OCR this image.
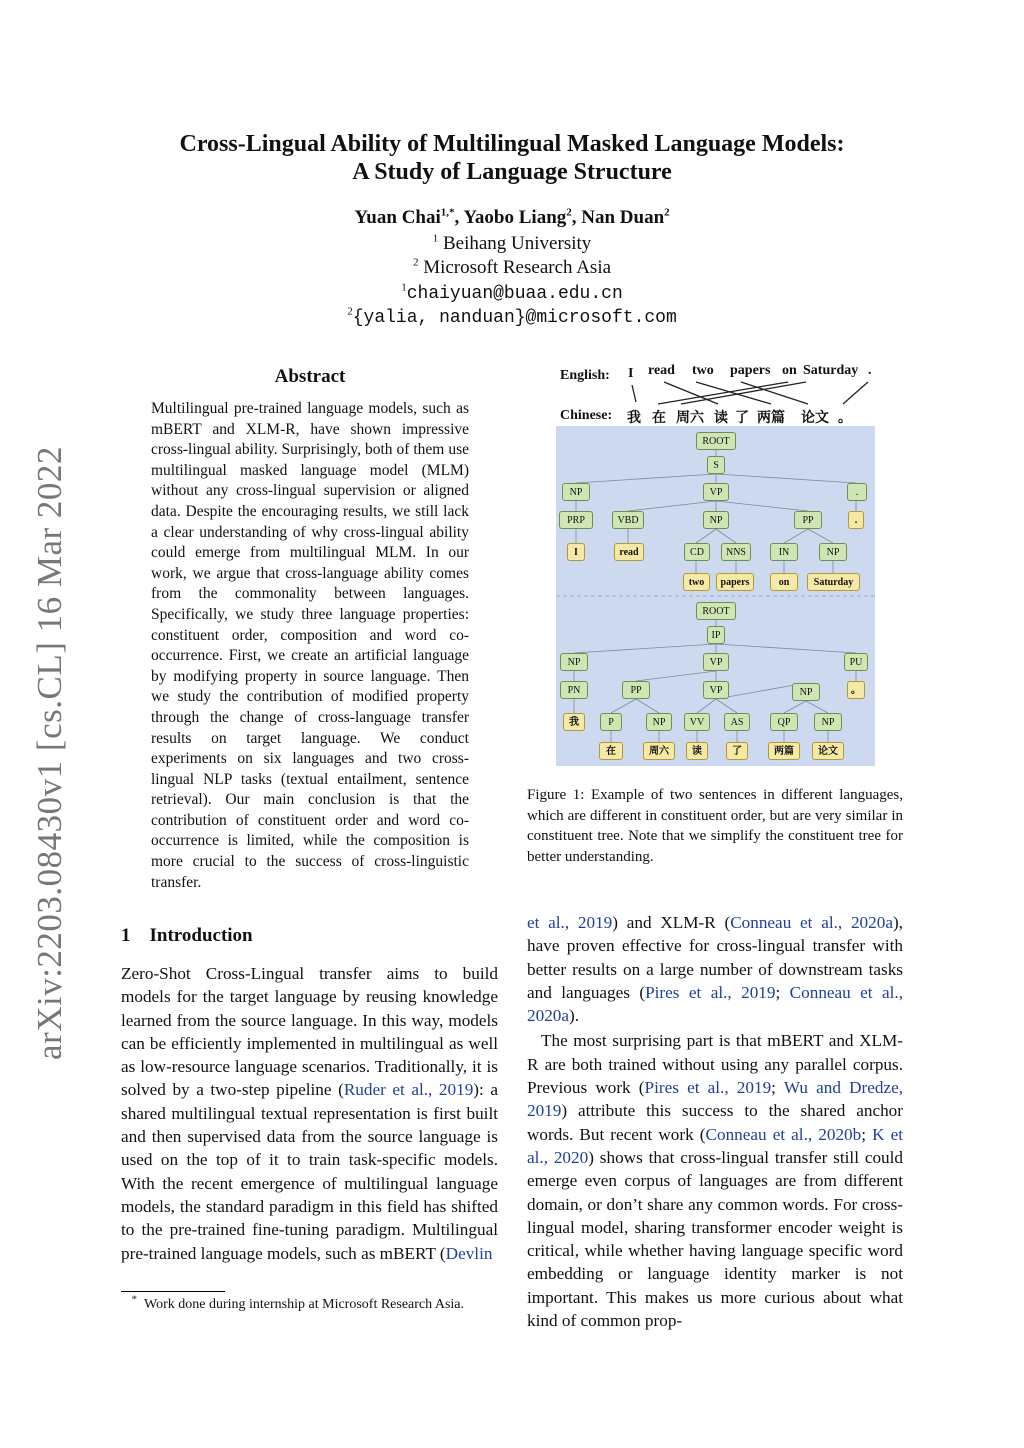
arXiv:2203.08430v1 [cs.CL] 16 Mar 2022
Cross-Lingual Ability of Multilingual Masked Language Models:
A Study of Language Structure
Yuan Chai$^{1,*}$, Yaobo Liang$^2$, Nan Duan$^2$
$^1$ Beihang University
$^2$ Microsoft Research Asia
$^1$chaiyuan@buaa.edu.cn
$^2${yalia, nanduan}@microsoft.com
Abstract
Multilingual pre-trained language models, such as mBERT and XLM-R, have shown impressive cross-lingual ability. Surprisingly, both of them use multilingual masked language model (MLM) without any cross-lingual supervision or aligned data. Despite the encouraging results, we still lack a clear understanding of why cross-lingual ability could emerge from multilingual MLM. In our work, we argue that cross-language ability comes from the commonality between languages. Specifically, we study three language properties: constituent order, composition and word co-occurrence. First, we create an artificial language by modifying property in source language. Then we study the contribution of modified property through the change of cross-language transfer results on target language. We conduct experiments on six languages and two cross-lingual NLP tasks (textual entailment, sentence retrieval). Our main conclusion is that the contribution of constituent order and word co-occurrence is limited, while the composition is more crucial to the success of cross-linguistic transfer.
1 Introduction

Zero-Shot Cross-Lingual transfer aims to build models for the target language by reusing knowledge learned from the source language. In this way, models can be efficiently implemented in multilingual as well as low-resource language scenarios. Traditionally, it is solved by a two-step pipeline (Ruder et al., 2019): a shared multilingual textual representation is first built and then supervised data from the source language is used on the top of it to train task-specific models. With the recent emergence of multilingual language models, the standard paradigm in this field has shifted to the pre-trained fine-tuning paradigm. Multilingual pre-trained language models, such as mBERT (Devlin

* Work done during internship at Microsoft Research Asia.

et al., 2019) and XLM-R (Conneau et al., 2020a), have proven effective for cross-lingual transfer with better results on a large number of downstream tasks and languages (Pires et al., 2019; Conneau et al., 2020a).

The most surprising part is that mBERT and XLM-R are both trained without using any parallel corpus. Previous work (Pires et al., 2019; Wu and Dredze, 2019) attribute this success to the shared anchor words. But recent work (Conneau et al., 2020b; K et al., 2020) shows that cross-lingual transfer still could emerge even corpus of languages are from different domain, or don’t share any common words. For cross-lingual model, sharing transformer encoder weight is critical, while whether having language specific word embedding or language identity marker is not important. This makes us more curious about what kind of common prop-

English:
Chinese:
I read two papers on Saturday .
我 在 周六 读 了 两篇 论文 。
ROOT
S
NP	VP	.
PRP	VBD	NP	PP	.
I	read	CD	NNS	IN	NP
two	papers	on	Saturday
ROOT
IP
NP	VP	PU
PN	PP	VP	NP	。
我	P	NP	VV	AS	QP	NP
在	周六	读	了	两篇	论文
Figure 1: Example of two sentences in different languages, which are different in constituent order, but are very similar in constituent tree. Note that we simplify the constituent tree for better understanding.
